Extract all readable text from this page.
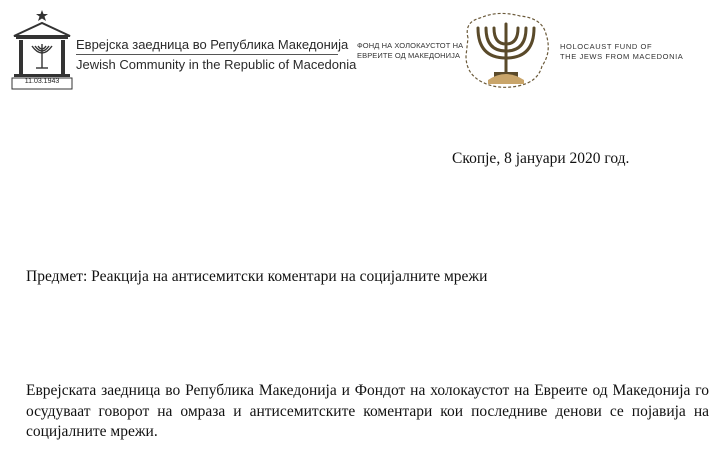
11.03.1943
Еврејска заедница во Република Македонија
Jewish Community in the Republic of Macedonia
ФОНД НА ХОЛОКАУСТОТ НА
ЕВРЕИТЕ ОД МАКЕДОНИЈА
HOLOCAUST FUND OF
THE JEWS FROM MACEDONIA
Скопје, 8 јануари 2020 год.
Предмет: Реакција на антисемитски коментари на социјалните мрежи
Еврејската заедница во Република Македонија и Фондот на холокаустот на Евреите од Македонија го осудуваат говорот на омраза и антисемитските коментари кои последниве денови се појавија на социјалните мрежи.
